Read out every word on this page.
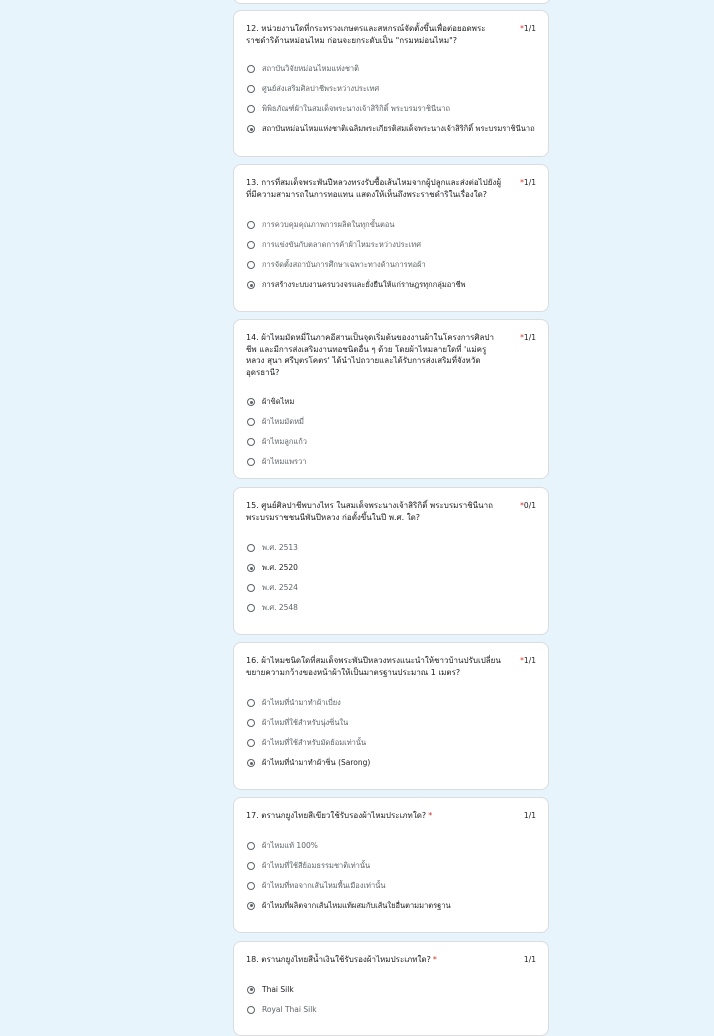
12. หน่วยงานใดที่กระทรวงเกษตรและสหกรณ์จัดตั้งขึ้นเพื่อต่อยอดพระราชดำริด้านหม่อนไหม ก่อนจะยกระดับเป็น "กรมหม่อนไหม"?

*1/1
สถาบันวิจัยหม่อนไหมแห่งชาติ
ศูนย์ส่งเสริมศิลปาชีพระหว่างประเทศ
พิพิธภัณฑ์ผ้าในสมเด็จพระนางเจ้าสิริกิติ์ พระบรมราชินีนาถ
สถาบันหม่อนไหมแห่งชาติเฉลิมพระเกียรติสมเด็จพระนางเจ้าสิริกิติ์ พระบรมราชินีนาถ

13. การที่สมเด็จพระพันปีหลวงทรงรับซื้อเส้นไหมจากผู้ปลูกและส่งต่อไปยังผู้ที่มีความสามารถในการทอแทน แสดงให้เห็นถึงพระราชดำริในเรื่องใด?

*1/1
การควบคุมคุณภาพการผลิตในทุกขั้นตอน
การแข่งขันกับตลาดการค้าผ้าไหมระหว่างประเทศ
การจัดตั้งสถาบันการศึกษาเฉพาะทางด้านการทอผ้า
การสร้างระบบงานครบวงจรและยั่งยืนให้แก่ราษฎรทุกกลุ่มอาชีพ

14. ผ้าไหมมัดหมี่ในภาคอีสานเป็นจุดเริ่มต้นของงานผ้าในโครงการศิลปาชีพ และมีการส่งเสริมงานทอชนิดอื่น ๆ ด้วย โดยผ้าไหมลายใดที่ 'แม่ครูหลวง สุนา ศรีบุตรโคตร' ได้นำไปถวายและได้รับการส่งเสริมที่จังหวัดอุดรธานี?

*1/1
ผ้าขิดไหม
ผ้าไหมมัดหมี่
ผ้าไหมลูกแก้ว
ผ้าไหมแพรวา

15. ศูนย์ศิลปาชีพบางไทร ในสมเด็จพระนางเจ้าสิริกิติ์ พระบรมราชินีนาถ พระบรมราชชนนีพันปีหลวง ก่อตั้งขึ้นในปี พ.ศ. ใด?

*0/1
พ.ศ. 2513
พ.ศ. 2520
พ.ศ. 2524
พ.ศ. 2548

16. ผ้าไหมชนิดใดที่สมเด็จพระพันปีหลวงทรงแนะนำให้ชาวบ้านปรับเปลี่ยนขยายความกว้างของหน้าผ้าให้เป็นมาตรฐานประมาณ 1 เมตร?

*1/1
ผ้าไหมที่นำมาทำผ้าเบี่ยง
ผ้าไหมที่ใช้สำหรับนุ่งซิ่นใน
ผ้าไหมที่ใช้สำหรับมัดย้อมเท่านั้น
ผ้าไหมที่นำมาทำผ้าซิ่น (Sarong)

17. ตรานกยูงไทยสีเขียวใช้รับรองผ้าไหมประเภทใด? *	1/1
ผ้าไหมแท้ 100%
ผ้าไหมที่ใช้สีย้อมธรรมชาติเท่านั้น
ผ้าไหมที่ทอจากเส้นไหมพื้นเมืองเท่านั้น
ผ้าไหมที่ผลิตจากเส้นไหมแท้ผสมกับเส้นใยอื่นตามมาตรฐาน

18. ตรานกยูงไทยสีน้ำเงินใช้รับรองผ้าไหมประเภทใด? *	1/1
Thai Silk
Royal Thai Silk
